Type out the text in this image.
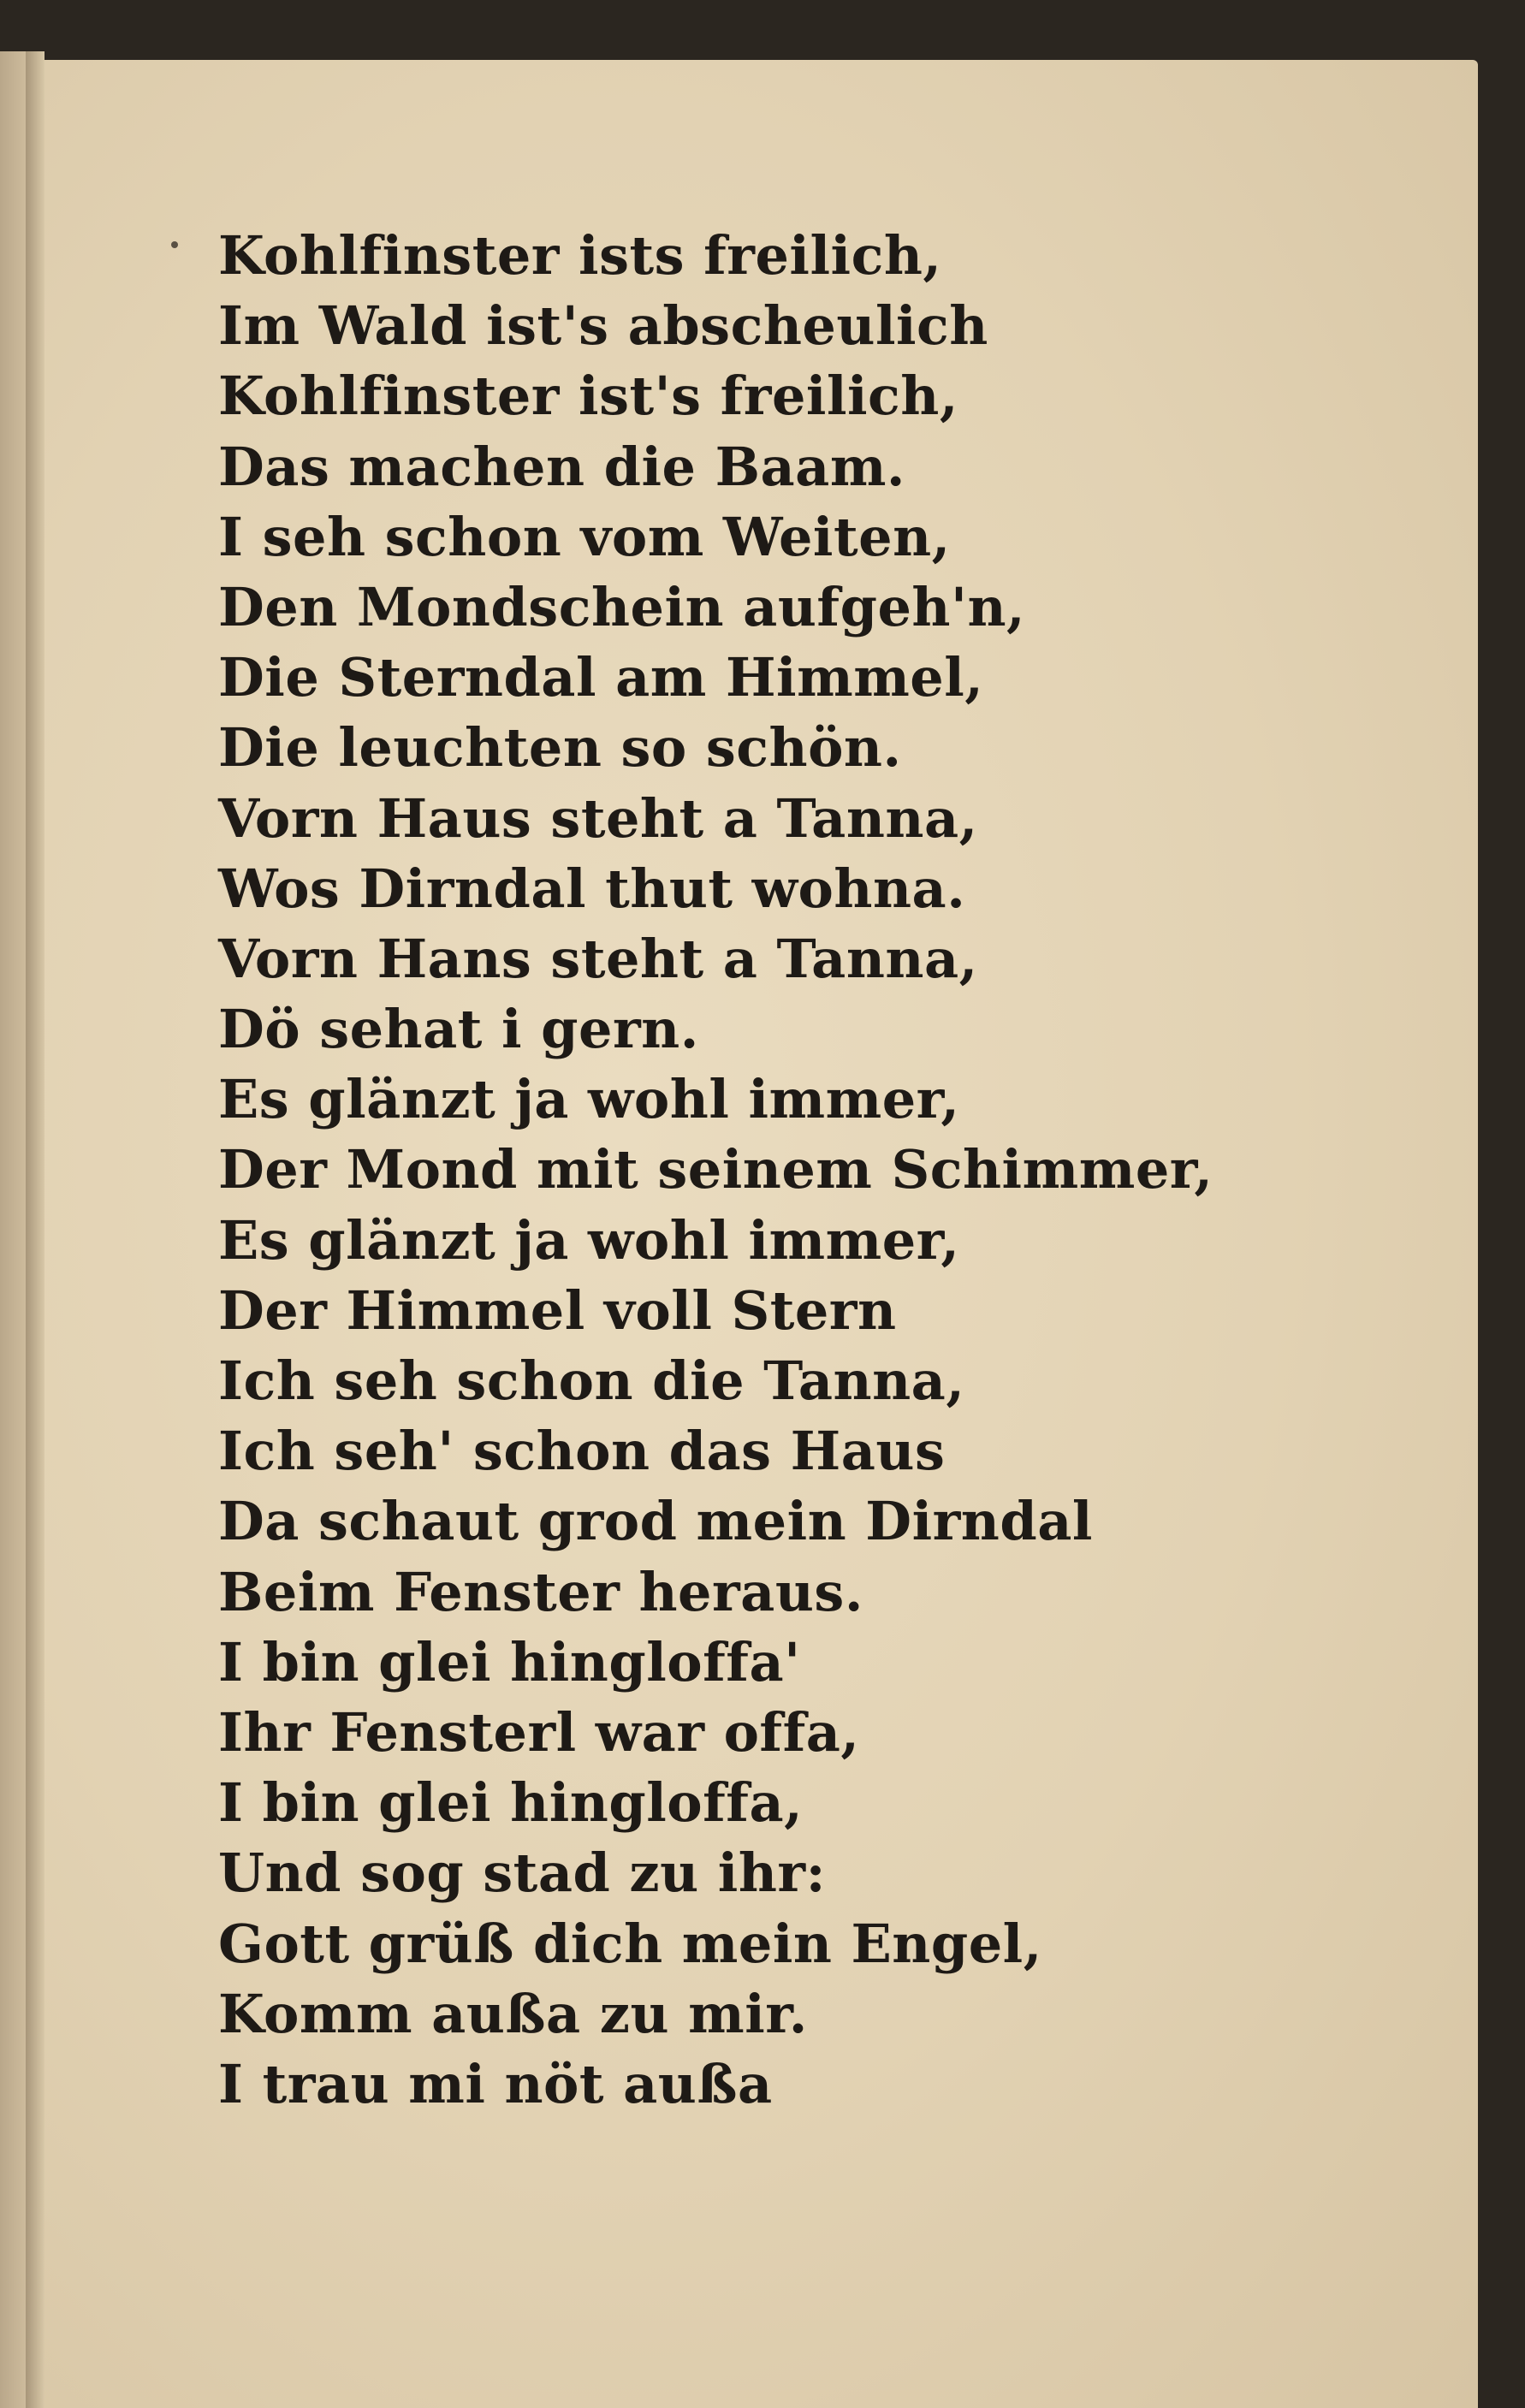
Kohlfinster ists freilich,
Im Wald ist's abscheulich
Kohlfinster ist's freilich,
Das machen die Baam.
I seh schon vom Weiten,
Den Mondschein aufgeh'n,
Die Sterndal am Himmel,
Die leuchten so schön.
Vorn Haus steht a Tanna,
Wos Dirndal thut wohna.
Vorn Hans steht a Tanna,
Dö sehat i gern.
Es glänzt ja wohl immer,
Der Mond mit seinem Schimmer,
Es glänzt ja wohl immer,
Der Himmel voll Stern
Ich seh schon die Tanna,
Ich seh' schon das Haus
Da schaut grod mein Dirndal
Beim Fenster heraus.
I bin glei hingloffa'
Ihr Fensterl war offa,
I bin glei hingloffa,
Und sog stad zu ihr:
Gott grüß dich mein Engel,
Komm außa zu mir.
I trau mi nöt außa
